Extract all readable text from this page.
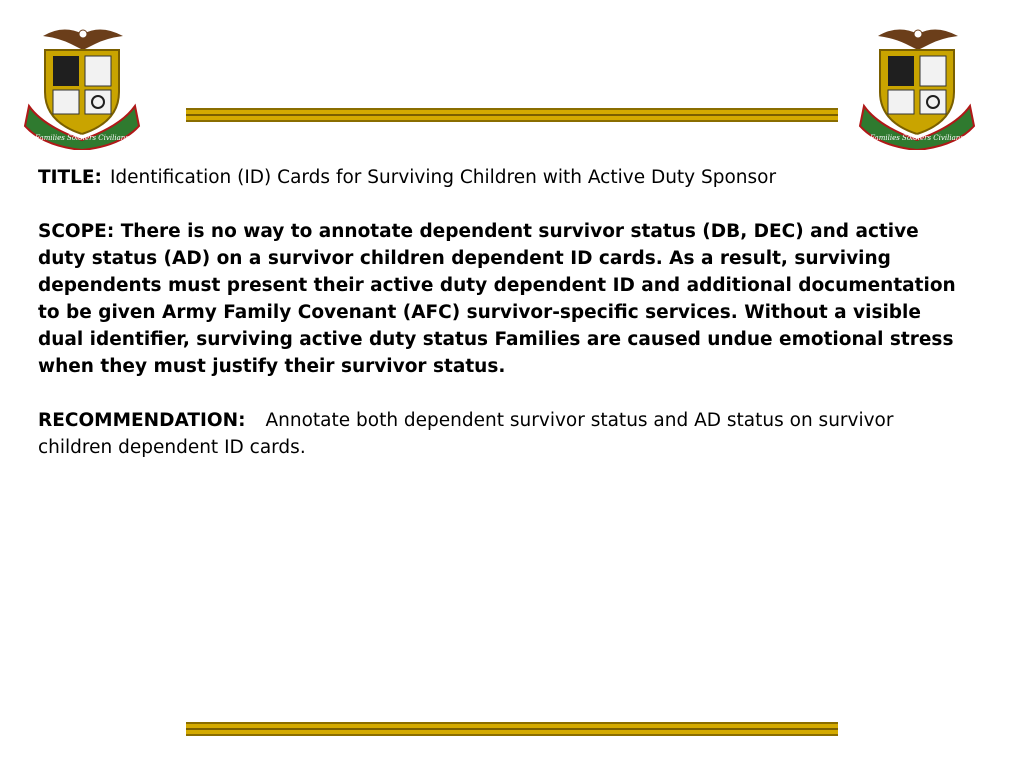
Families Soldiers Civilians	Families Soldiers Civilians

TITLE: Identification (ID) Cards for Surviving Children with Active Duty Sponsor

SCOPE: There is no way to annotate dependent survivor status (DB, DEC) and active duty status (AD) on a survivor children dependent ID cards. As a result, surviving dependents must present their active duty dependent ID and additional documentation to be given Army Family Covenant (AFC) survivor-specific services. Without a visible dual identifier, surviving active duty status Families are caused undue emotional stress when they must justify their survivor status.

RECOMMENDATION: Annotate both dependent survivor status and AD status on survivor children dependent ID cards.
